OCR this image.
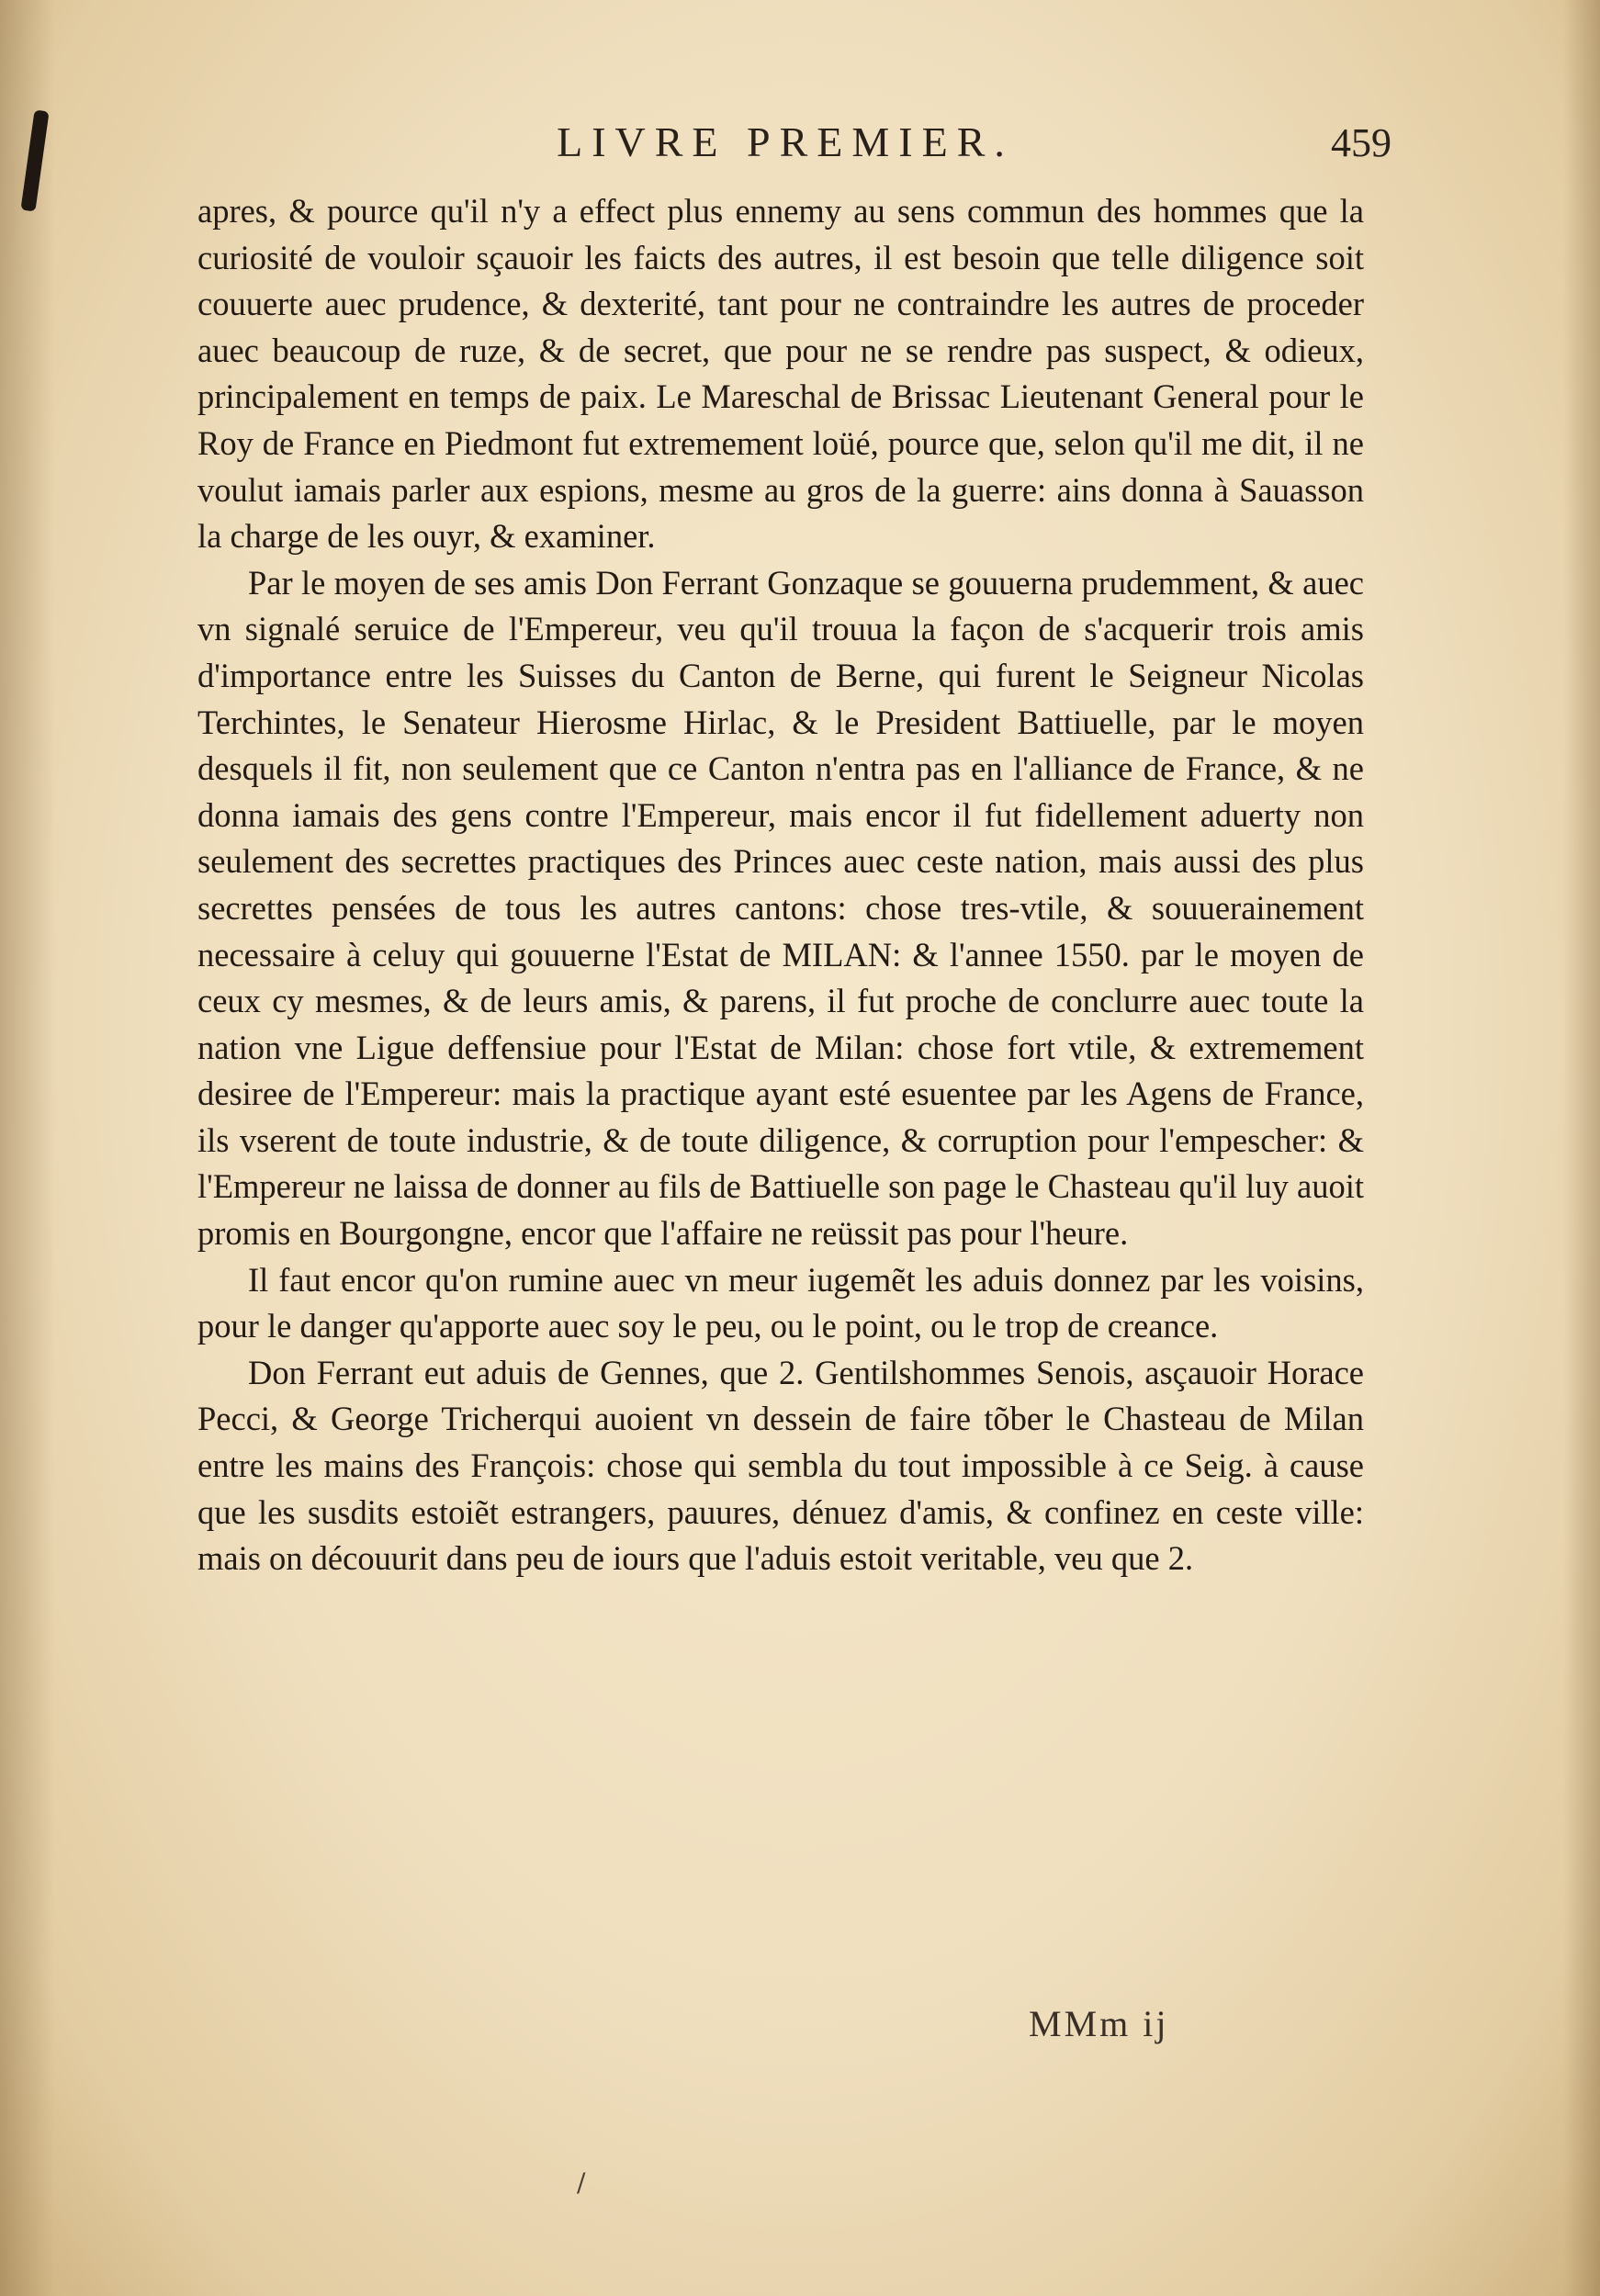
LIVRE PREMIER.	459

apres, & pource qu'il n'y a effect plus ennemy au sens commun des hommes que la curiosité de vouloir sçauoir les faicts des autres, il est besoin que telle diligence soit couuerte auec prudence, & dexterité, tant pour ne contraindre les autres de proceder auec beaucoup de ruze, & de secret, que pour ne se rendre pas suspect, & odieux, principalement en temps de paix. Le Mareschal de Brissac Lieutenant General pour le Roy de France en Piedmont fut extremement loüé, pource que, selon qu'il me dit, il ne voulut iamais parler aux espions, mesme au gros de la guerre: ains donna à Sauasson la charge de les ouyr, & examiner.

Par le moyen de ses amis Don Ferrant Gonzaque se gouuerna prudemment, & auec vn signalé seruice de l'Empereur, veu qu'il trouua la façon de s'acquerir trois amis d'importance entre les Suisses du Canton de Berne, qui furent le Seigneur Nicolas Terchintes, le Senateur Hierosme Hirlac, & le President Battiuelle, par le moyen desquels il fit, non seulement que ce Canton n'entra pas en l'alliance de France, & ne donna iamais des gens contre l'Empereur, mais encor il fut fidellement aduerty non seulement des secrettes practiques des Princes auec ceste nation, mais aussi des plus secrettes pensées de tous les autres cantons: chose tres-vtile, & souuerainement necessaire à celuy qui gouuerne l'Estat de MILAN: & l'annee 1550. par le moyen de ceux cy mesmes, & de leurs amis, & parens, il fut proche de conclurre auec toute la nation vne Ligue deffensiue pour l'Estat de Milan: chose fort vtile, & extremement desiree de l'Empereur: mais la practique ayant esté esuentee par les Agens de France, ils vserent de toute industrie, & de toute diligence, & corruption pour l'empescher: & l'Empereur ne laissa de donner au fils de Battiuelle son page le Chasteau qu'il luy auoit promis en Bourgongne, encor que l'affaire ne reüssit pas pour l'heure.

Il faut encor qu'on rumine auec vn meur iugemẽt les aduis donnez par les voisins, pour le danger qu'apporte auec soy le peu, ou le point, ou le trop de creance.

Don Ferrant eut aduis de Gennes, que 2. Gentilshommes Senois, asçauoir Horace Pecci, & George Tricherqui auoient vn dessein de faire tõber le Chasteau de Milan entre les mains des François: chose qui sembla du tout impossible à ce Seig. à cause que les susdits estoiẽt estrangers, pauures, dénuez d'amis, & confinez en ceste ville: mais on découurit dans peu de iours que l'aduis estoit veritable, veu que 2.

MMm ij
/
